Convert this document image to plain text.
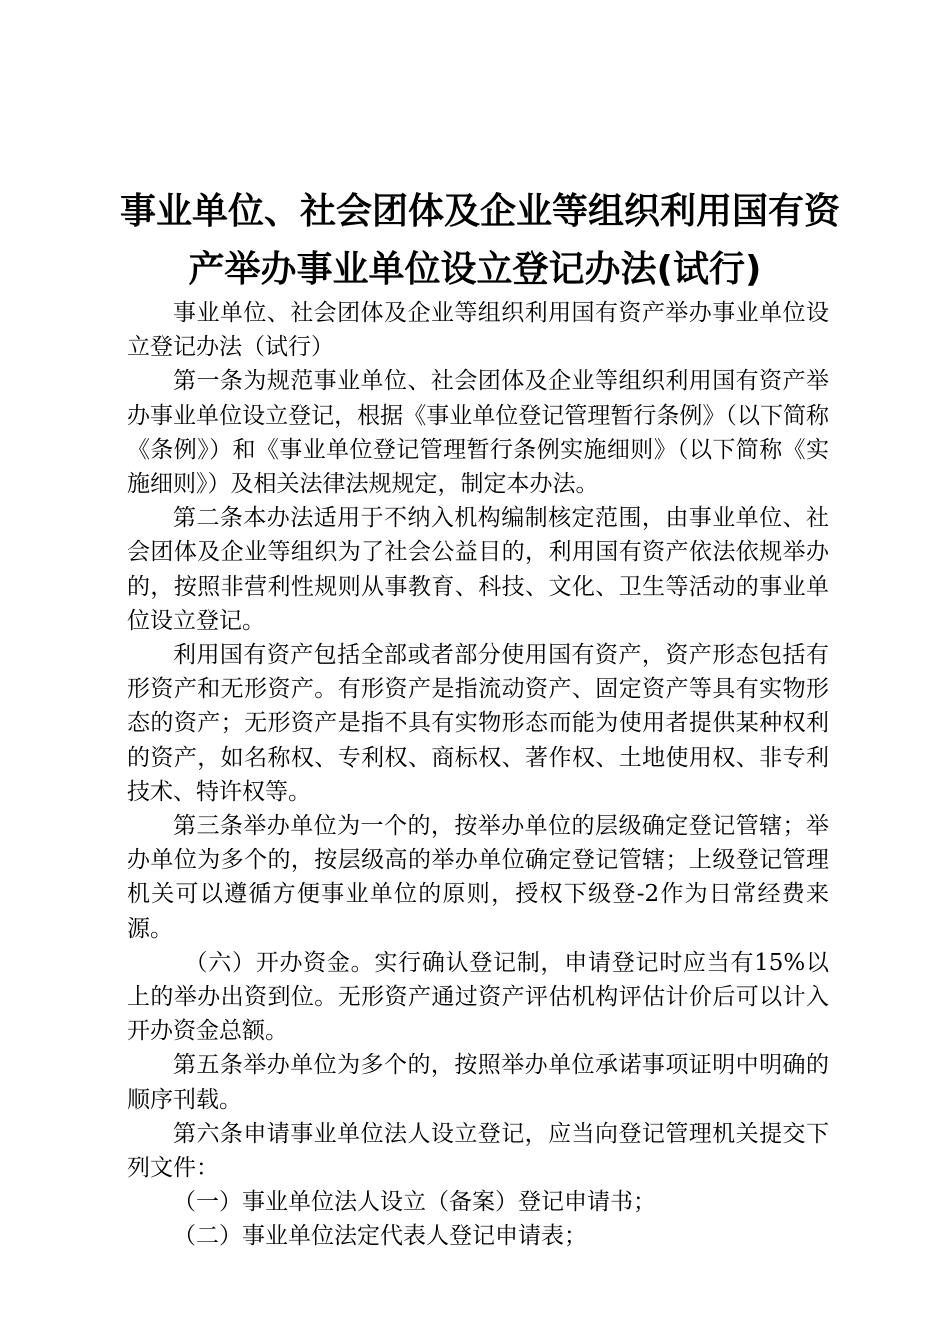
事业单位、社会团体及企业等组织利用国有资
产举办事业单位设立登记办法(试行)

事业单位、社会团体及企业等组织利用国有资产举办事业单位设立登记办法（试行）

第一条为规范事业单位、社会团体及企业等组织利用国有资产举办事业单位设立登记，根据《事业单位登记管理暂行条例》（以下简称《条例》）和《事业单位登记管理暂行条例实施细则》（以下简称《实施细则》）及相关法律法规规定，制定本办法。

第二条本办法适用于不纳入机构编制核定范围，由事业单位、社会团体及企业等组织为了社会公益目的，利用国有资产依法依规举办的，按照非营利性规则从事教育、科技、文化、卫生等活动的事业单位设立登记。

利用国有资产包括全部或者部分使用国有资产，资产形态包括有形资产和无形资产。有形资产是指流动资产、固定资产等具有实物形态的资产；无形资产是指不具有实物形态而能为使用者提供某种权利的资产，如名称权、专利权、商标权、著作权、土地使用权、非专利技术、特许权等。

第三条举办单位为一个的，按举办单位的层级确定登记管辖；举办单位为多个的，按层级高的举办单位确定登记管辖；上级登记管理机关可以遵循方便事业单位的原则，授权下级登-2作为日常经费来源。

（六）开办资金。实行确认登记制，申请登记时应当有15%以上的举办出资到位。无形资产通过资产评估机构评估计价后可以计入开办资金总额。

第五条举办单位为多个的，按照举办单位承诺事项证明中明确的顺序刊载。

第六条申请事业单位法人设立登记，应当向登记管理机关提交下列文件：

（一）事业单位法人设立（备案）登记申请书；

（二）事业单位法定代表人登记申请表；
